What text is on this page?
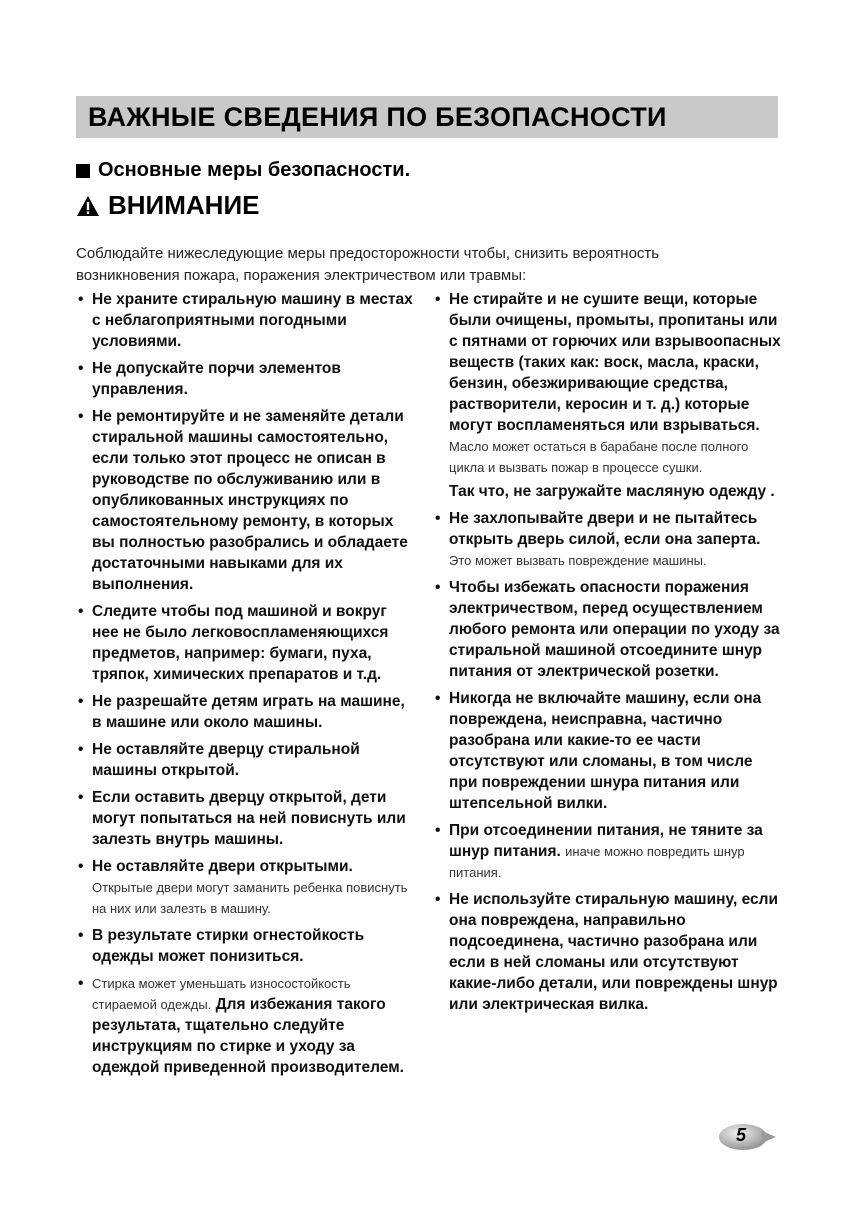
ВАЖНЫЕ СВЕДЕНИЯ ПО БЕЗОПАСНОСТИ
Основные меры безопасности.
ВНИМАНИЕ

Соблюдайте нижеследующие меры предосторожности чтобы, снизить вероятность возникновения пожара, поражения электричеством или травмы:

• Не храните стиральную машину в местах с неблагоприятными погодными условиями.
• Не допускайте порчи элементов управления.
• Не ремонтируйте и не заменяйте детали стиральной машины самостоятельно, если только этот процесс не описан в руководстве по обслуживанию или в опубликованных инструкциях по самостоятельному ремонту, в которых вы полностью разобрались и обладаете достаточными навыками для их выполнения.
• Следите чтобы под машиной и вокруг нее не было легковоспламеняющихся предметов, например: бумаги, пуха, тряпок, химических препаратов и т.д.
• Не разрешайте детям играть на машине, в машине или около машины.
• Не оставляйте дверцу стиральной машины открытой.
• Если оставить дверцу открытой, дети могут попытаться на ней повиснуть или залезть внутрь машины.
• Не оставляйте двери открытыми. Открытые двери могут заманить ребенка повиснуть на них или залезть в машину.
• В результате стирки огнестойкость одежды может понизиться.
• Стирка может уменьшать износостойкость стираемой одежды. Для избежания такого результата, тщательно следуйте инструкциям по стирке и уходу за одеждой приведенной производителем.
• Не стирайте и не сушите вещи, которые были очищены, промыты, пропитаны или с пятнами от горючих или взрывоопасных веществ (таких как: воск, масла, краски, бензин, обезжиривающие средства, растворители, керосин и т. д.) которые могут воспламеняться или взрываться. Масло может остаться в барабане после полного цикла и вызвать пожар в процессе сушки.
Так что, не загружайте масляную одежду .
• Не захлопывайте двери и не пытайтесь открыть дверь силой, если она заперта. Это может вызвать повреждение машины.
• Чтобы избежать опасности поражения электричеством, перед осуществлением любого ремонта или операции по уходу за стиральной машиной отсоедините шнур питания от электрической розетки.
• Никогда не включайте машину, если она повреждена, неисправна, частично разобрана или какие-то ее части отсутствуют или сломаны, в том числе при повреждении шнура питания или штепсельной вилки.
• При отсоединении питания, не тяните за шнур питания. иначе можно повредить шнур питания.
• Не используйте стиральную машину, если она повреждена, направильно подсоединена, частично разобрана или если в ней сломаны или отсутствуют какие-либо детали, или повреждены шнур или электрическая вилка.
5
